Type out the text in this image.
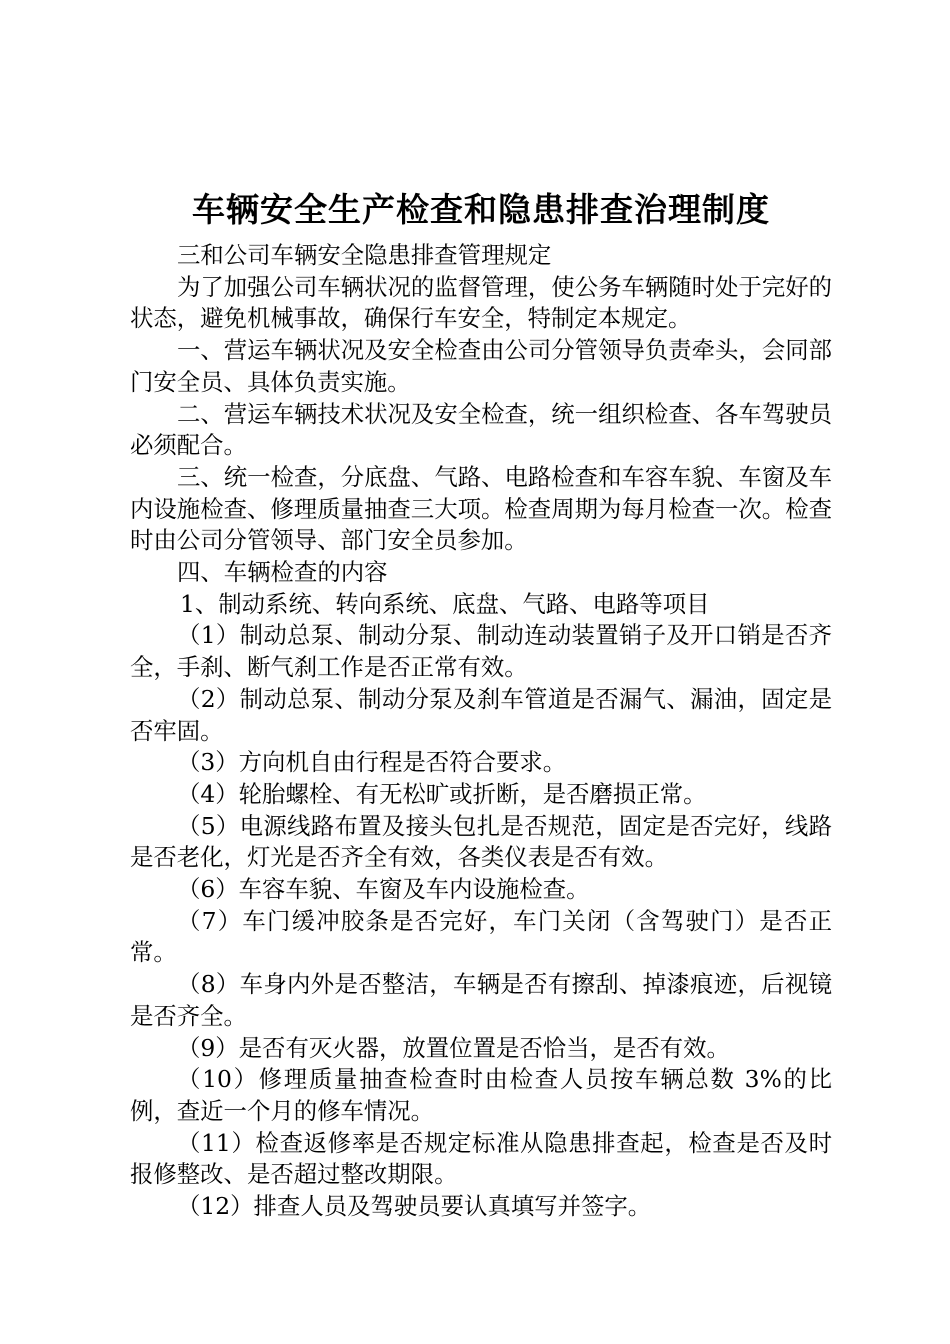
车辆安全生产检查和隐患排查治理制度

三和公司车辆安全隐患排查管理规定

为了加强公司车辆状况的监督管理，使公务车辆随时处于完好的状态，避免机械事故，确保行车安全，特制定本规定。

一、营运车辆状况及安全检查由公司分管领导负责牵头，会同部门安全员、具体负责实施。

二、营运车辆技术状况及安全检查，统一组织检查、各车驾驶员必须配合。

三、统一检查，分底盘、气路、电路检查和车容车貌、车窗及车内设施检查、修理质量抽查三大项。检查周期为每月检查一次。检查时由公司分管领导、部门安全员参加。

四、车辆检查的内容

1、制动系统、转向系统、底盘、气路、电路等项目

（1）制动总泵、制动分泵、制动连动装置销子及开口销是否齐全，手刹、断气刹工作是否正常有效。

（2）制动总泵、制动分泵及刹车管道是否漏气、漏油，固定是否牢固。

（3）方向机自由行程是否符合要求。

（4）轮胎螺栓、有无松旷或折断，是否磨损正常。

（5）电源线路布置及接头包扎是否规范，固定是否完好，线路是否老化，灯光是否齐全有效，各类仪表是否有效。

（6）车容车貌、车窗及车内设施检查。

（7）车门缓冲胶条是否完好，车门关闭（含驾驶门）是否正常。

（8）车身内外是否整洁，车辆是否有擦刮、掉漆痕迹，后视镜是否齐全。

（9）是否有灭火器，放置位置是否恰当，是否有效。

（10）修理质量抽查检查时由检查人员按车辆总数 3%的比例，查近一个月的修车情况。

（11）检查返修率是否规定标准从隐患排查起，检查是否及时报修整改、是否超过整改期限。

（12）排查人员及驾驶员要认真填写并签字。
